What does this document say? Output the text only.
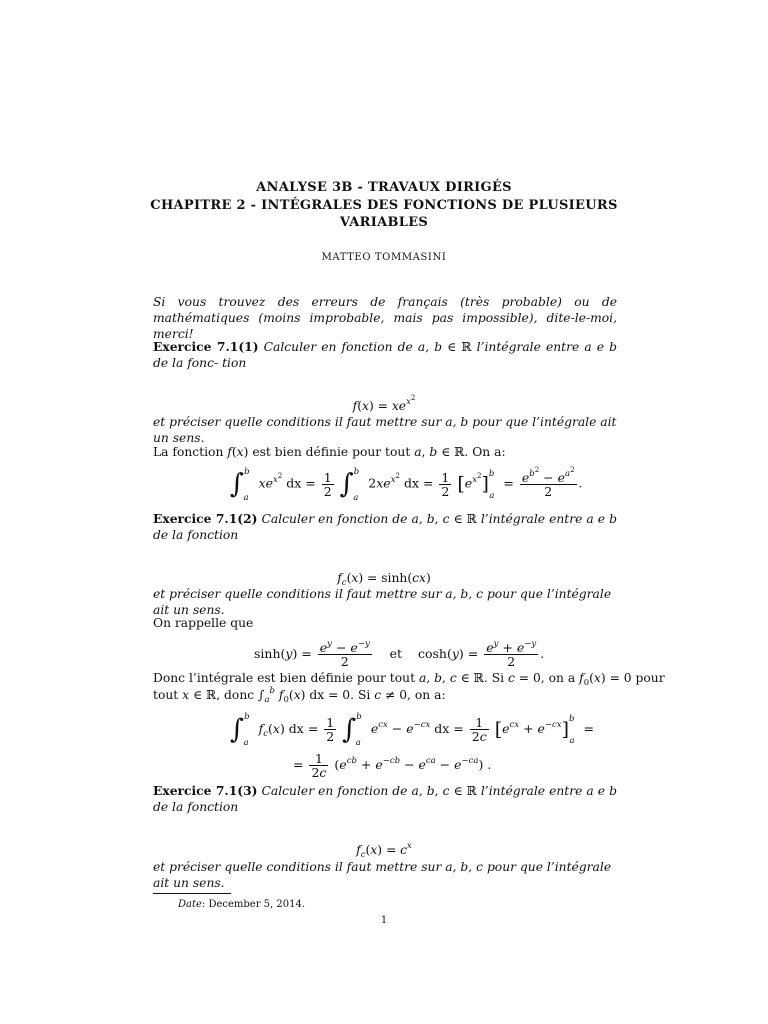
ANALYSE 3B - TRAVAUX DIRIGÉS
CHAPITRE 2 - INTÉGRALES DES FONCTIONS DE PLUSIEURS
VARIABLES
MATTEO TOMMASINI
Si vous trouvez des erreurs de français (très probable) ou de mathématiques (moins improbable, mais pas impossible), dite-le-moi, merci!
Exercice 7.1(1) Calculer en fonction de a, b ∈ ℝ l’intégrale entre a e b de la fonc- tion
$f(x) = xe^{x^2}$
et préciser quelle conditions il faut mettre sur a, b pour que l’intégrale ait un sens.
La fonction f(x) est bien définie pour tout a, b ∈ ℝ. On a:
∫$^b_a$ $xe^{x^2}$ dx = $\frac{1}{2} \int^b_a$ $2xe^{x^2}$ dx = $\frac{1}{2} [e^{x^2}]^b_a = \frac{e^{b^2} - e^{a^2}}{2}$ .
Exercice 7.1(2) Calculer en fonction de a, b, c ∈ ℝ l’intégrale entre a e b de la fonction
$f_c(x) = \sinh(cx)$
et préciser quelle conditions il faut mettre sur a, b, c pour que l’intégrale ait un sens.
On rappelle que
$\sinh(y) = \frac{e^y - e^{-y}}{2}$ et    $\cosh(y) = \frac{e^y + e^{-y}}{2}$ .
Donc l’intégrale est bien définie pour tout a, b, c ∈ ℝ. Si c = 0, on a $f_0(x) = 0$ pour
tout x ∈ ℝ, donc $\int_a^b$ $f_0(x)$ dx = 0. Si c ≠ 0, on a:
∫$^b_a$ $f_c(x)$ dx = $\frac{1}{2} \int^b_a$ $e^{cx} - e^{-cx}$ dx = $\frac{1}{2c} [e^{cx} + e^{-cx}]^b_a$ =
= $\frac{1}{2c} (e^{cb} + e^{-cb} - e^{ca} - e^{-ca})$ .
Exercice 7.1(3) Calculer en fonction de a, b, c ∈ ℝ l’intégrale entre a e b de la fonction
$f_c(x) = c^x$
et préciser quelle conditions il faut mettre sur a, b, c pour que l’intégrale ait un sens.
Date: December 5, 2014.
1
